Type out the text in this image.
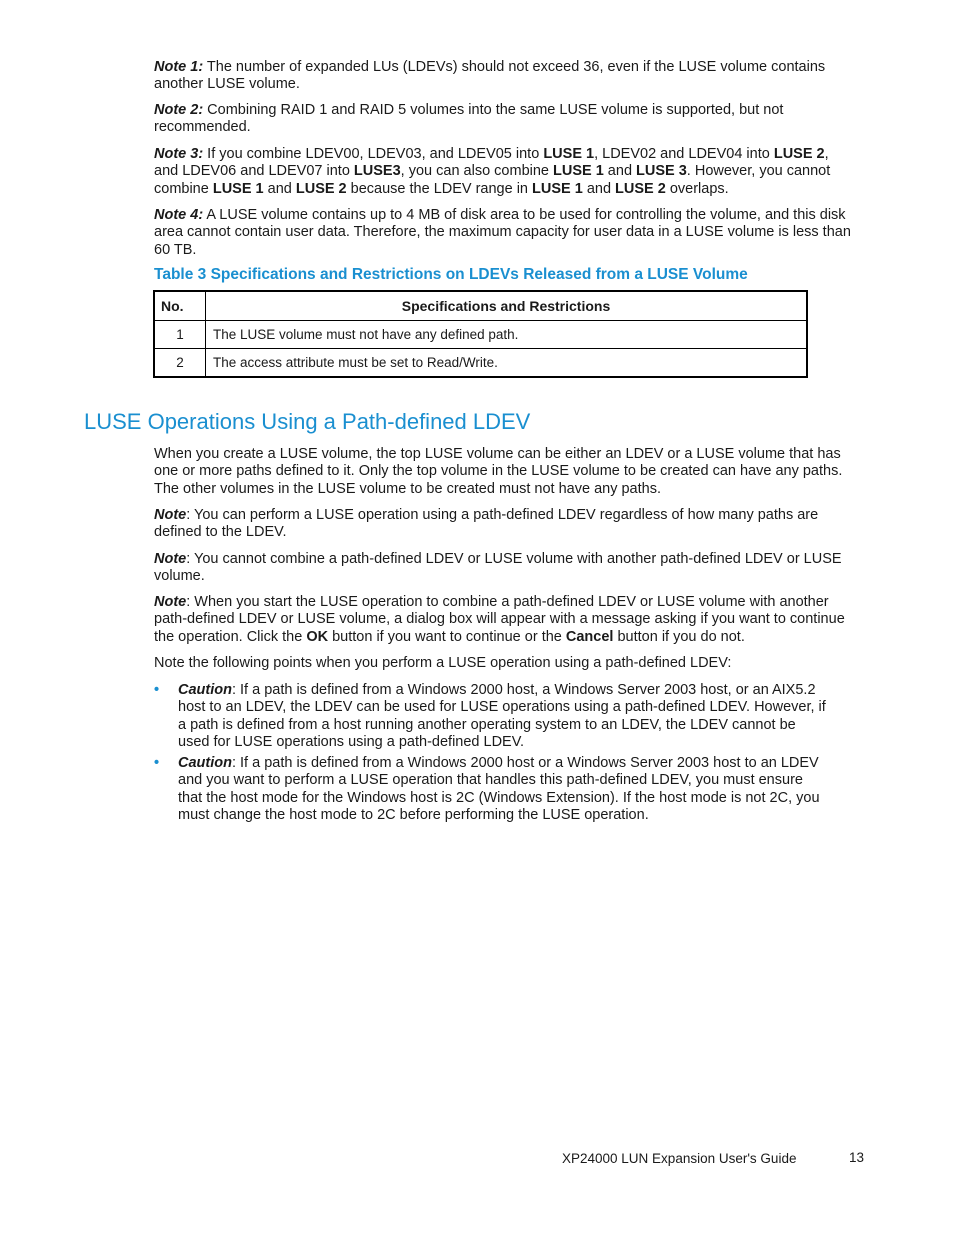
Note 1: The number of expanded LUs (LDEVs) should not exceed 36, even if the LUSE volume contains another LUSE volume.

Note 2: Combining RAID 1 and RAID 5 volumes into the same LUSE volume is supported, but not recommended.

Note 3: If you combine LDEV00, LDEV03, and LDEV05 into LUSE 1, LDEV02 and LDEV04 into LUSE 2, and LDEV06 and LDEV07 into LUSE3, you can also combine LUSE 1 and LUSE 3. However, you cannot combine LUSE 1 and LUSE 2 because the LDEV range in LUSE 1 and LUSE 2 overlaps.

Note 4: A LUSE volume contains up to 4 MB of disk area to be used for controlling the volume, and this disk area cannot contain user data. Therefore, the maximum capacity for user data in a LUSE volume is less than 60 TB.

Table 3 Specifications and Restrictions on LDEVs Released from a LUSE Volume

No.	Specifications and Restrictions
1	The LUSE volume must not have any defined path.
2	The access attribute must be set to Read/Write.
LUSE Operations Using a Path-defined LDEV

When you create a LUSE volume, the top LUSE volume can be either an LDEV or a LUSE volume that has one or more paths defined to it. Only the top volume in the LUSE volume to be created can have any paths. The other volumes in the LUSE volume to be created must not have any paths.

Note: You can perform a LUSE operation using a path-defined LDEV regardless of how many paths are defined to the LDEV.

Note: You cannot combine a path-defined LDEV or LUSE volume with another path-defined LDEV or LUSE volume.

Note: When you start the LUSE operation to combine a path-defined LDEV or LUSE volume with another path-defined LDEV or LUSE volume, a dialog box will appear with a message asking if you want to continue the operation. Click the OK button if you want to continue or the Cancel button if you do not.

Note the following points when you perform a LUSE operation using a path-defined LDEV:

• Caution: If a path is defined from a Windows 2000 host, a Windows Server 2003 host, or an AIX5.2 host to an LDEV, the LDEV can be used for LUSE operations using a path-defined LDEV. However, if a path is defined from a host running another operating system to an LDEV, the LDEV cannot be used for LUSE operations using a path-defined LDEV.
• Caution: If a path is defined from a Windows 2000 host or a Windows Server 2003 host to an LDEV and you want to perform a LUSE operation that handles this path-defined LDEV, you must ensure that the host mode for the Windows host is 2C (Windows Extension). If the host mode is not 2C, you must change the host mode to 2C before performing the LUSE operation.
XP24000 LUN Expansion User's Guide	13
